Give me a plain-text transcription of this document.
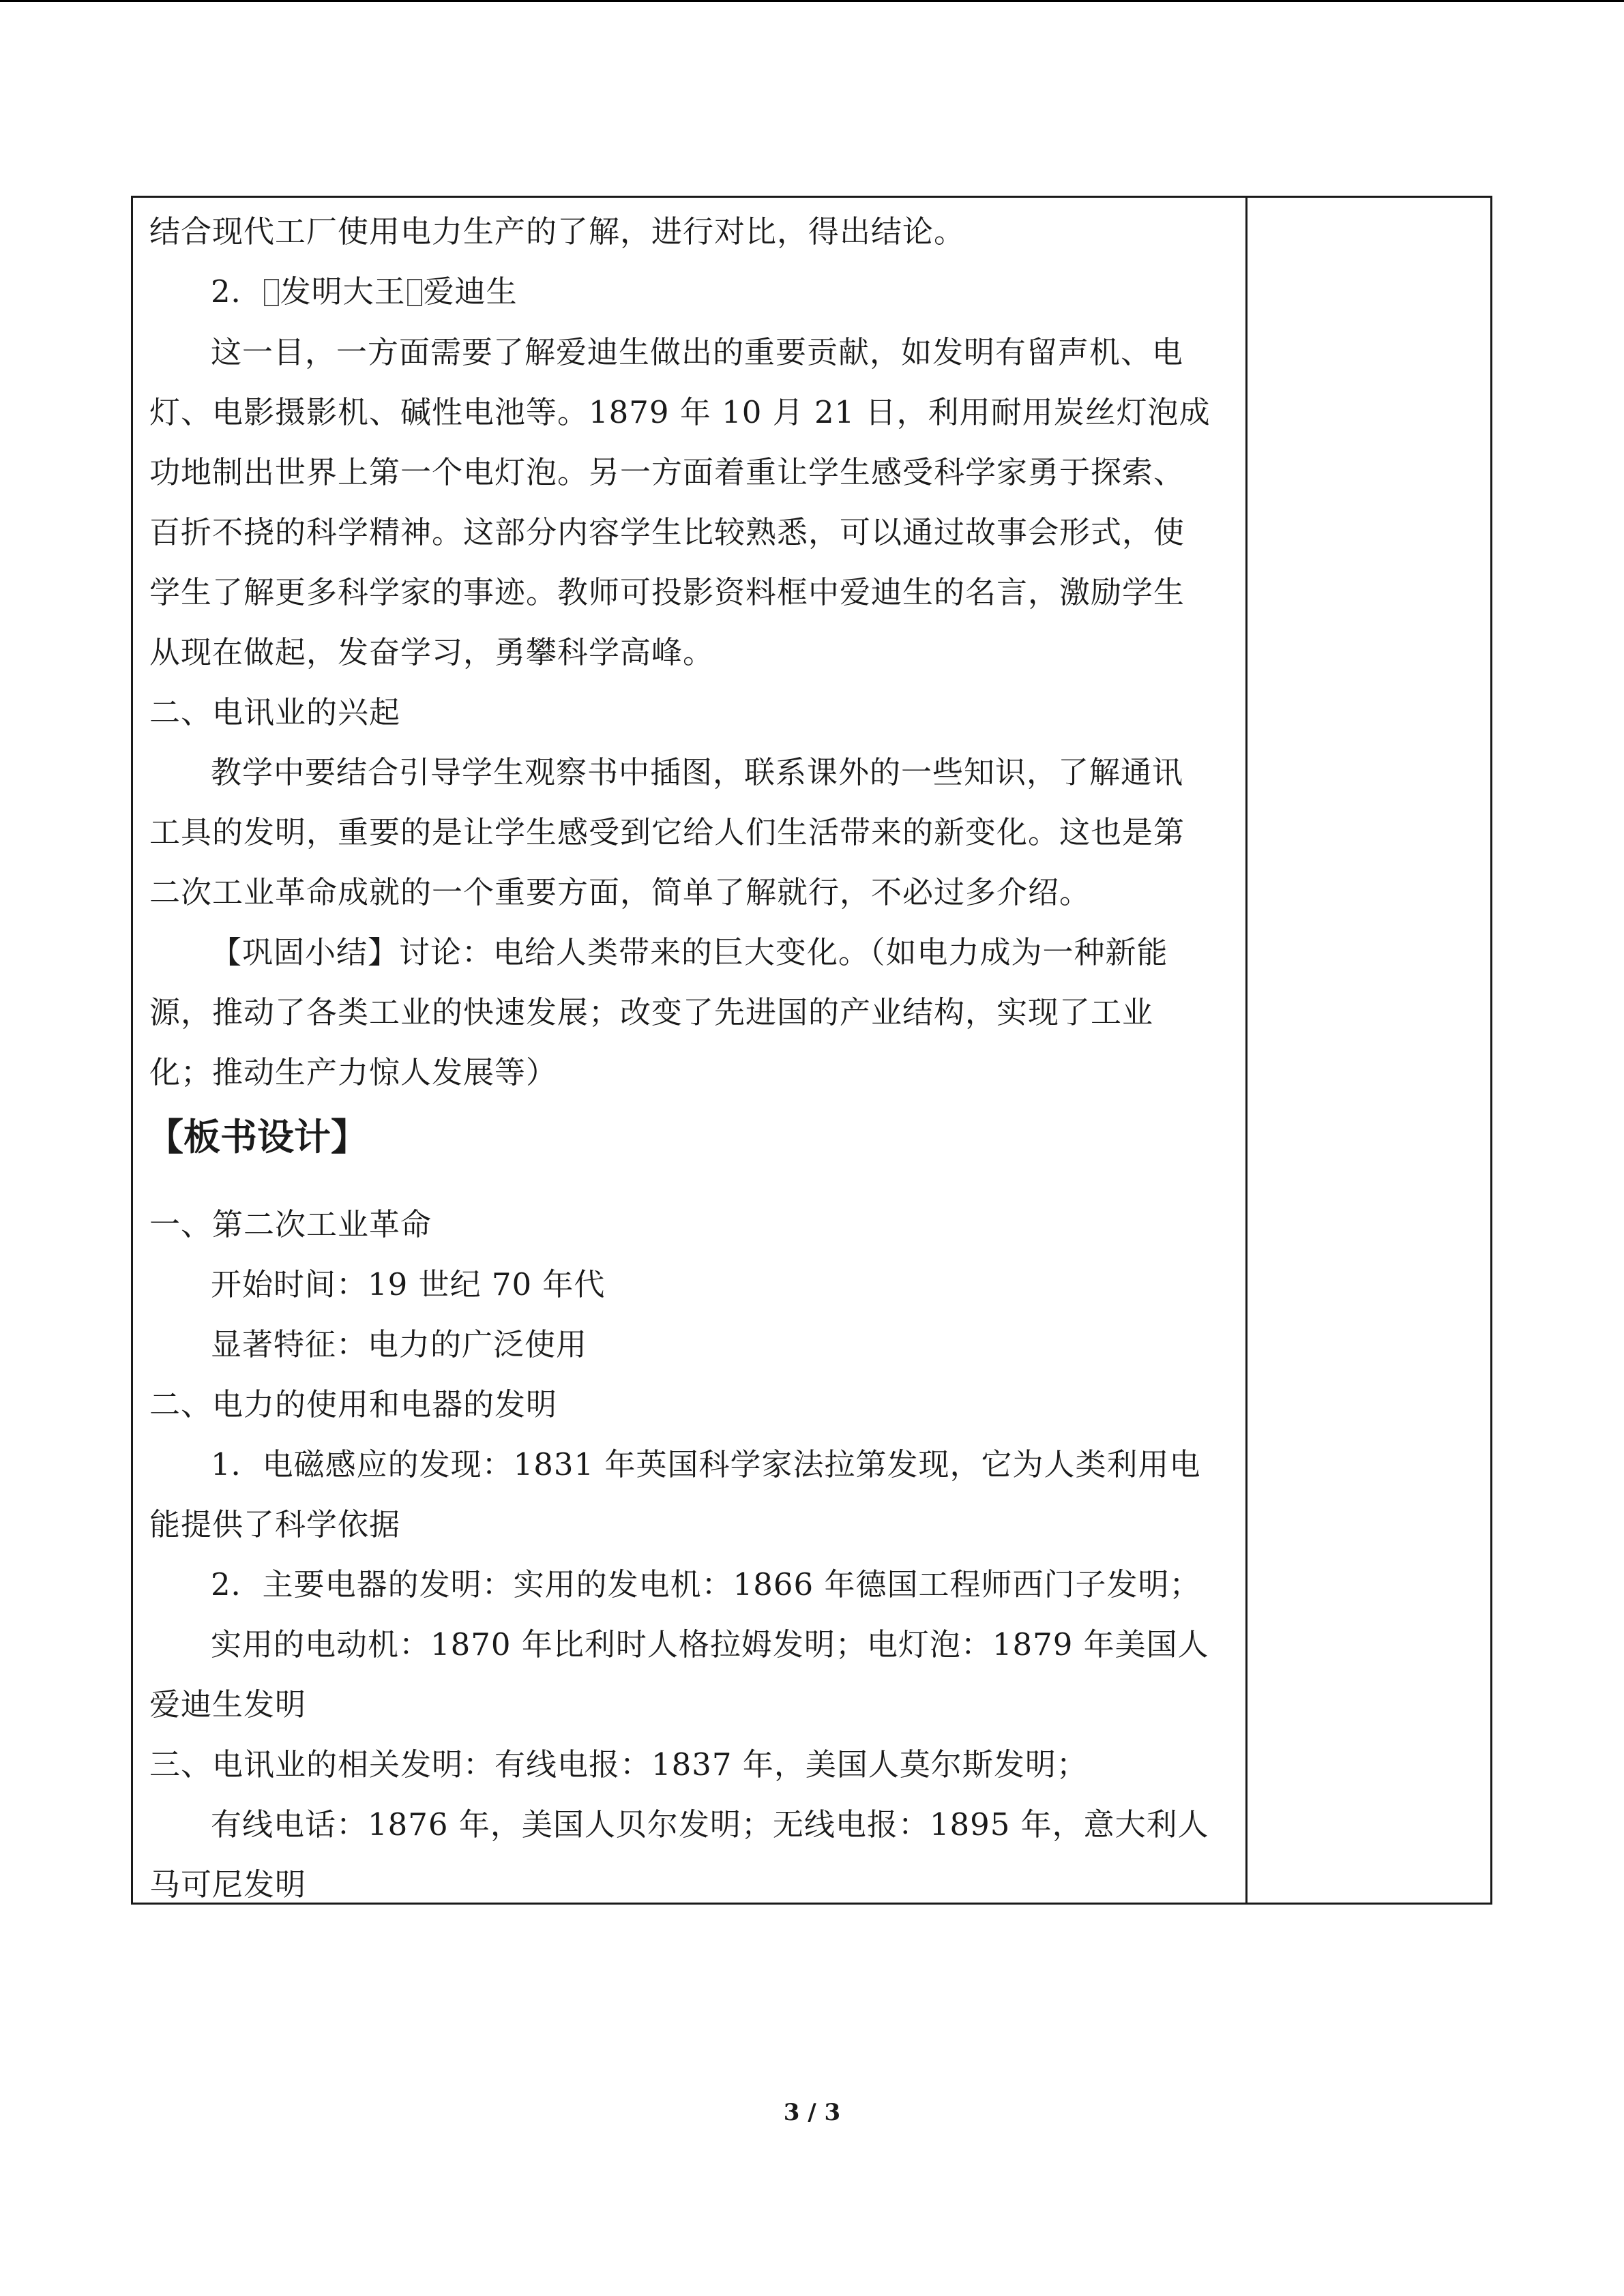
结合现代工厂使用电力生产的了解，进行对比，得出结论。
2． 发明大王 爱迪生
这一目，一方面需要了解爱迪生做出的重要贡献，如发明有留声机、电
灯、电影摄影机、碱性电池等。1879 年 10 月 21 日，利用耐用炭丝灯泡成
功地制出世界上第一个电灯泡。另一方面着重让学生感受科学家勇于探索、
百折不挠的科学精神。这部分内容学生比较熟悉，可以通过故事会形式，使
学生了解更多科学家的事迹。教师可投影资料框中爱迪生的名言，激励学生
从现在做起，发奋学习，勇攀科学高峰。
二、电讯业的兴起
教学中要结合引导学生观察书中插图，联系课外的一些知识，了解通讯
工具的发明，重要的是让学生感受到它给人们生活带来的新变化。这也是第
二次工业革命成就的一个重要方面，简单了解就行，不必过多介绍。
【巩固小结】讨论：电给人类带来的巨大变化。（如电力成为一种新能
源，推动了各类工业的快速发展；改变了先进国的产业结构，实现了工业
化；推动生产力惊人发展等）
【板书设计】
一、第二次工业革命
开始时间：19 世纪 70 年代
显著特征：电力的广泛使用
二、电力的使用和电器的发明
1．电磁感应的发现：1831 年英国科学家法拉第发现，它为人类利用电
能提供了科学依据
2．主要电器的发明：实用的发电机：1866 年德国工程师西门子发明；
实用的电动机：1870 年比利时人格拉姆发明；电灯泡：1879 年美国人
爱迪生发明
三、电讯业的相关发明：有线电报：1837 年，美国人莫尔斯发明；
有线电话：1876 年，美国人贝尔发明；无线电报：1895 年，意大利人
马可尼发明
3 / 3
